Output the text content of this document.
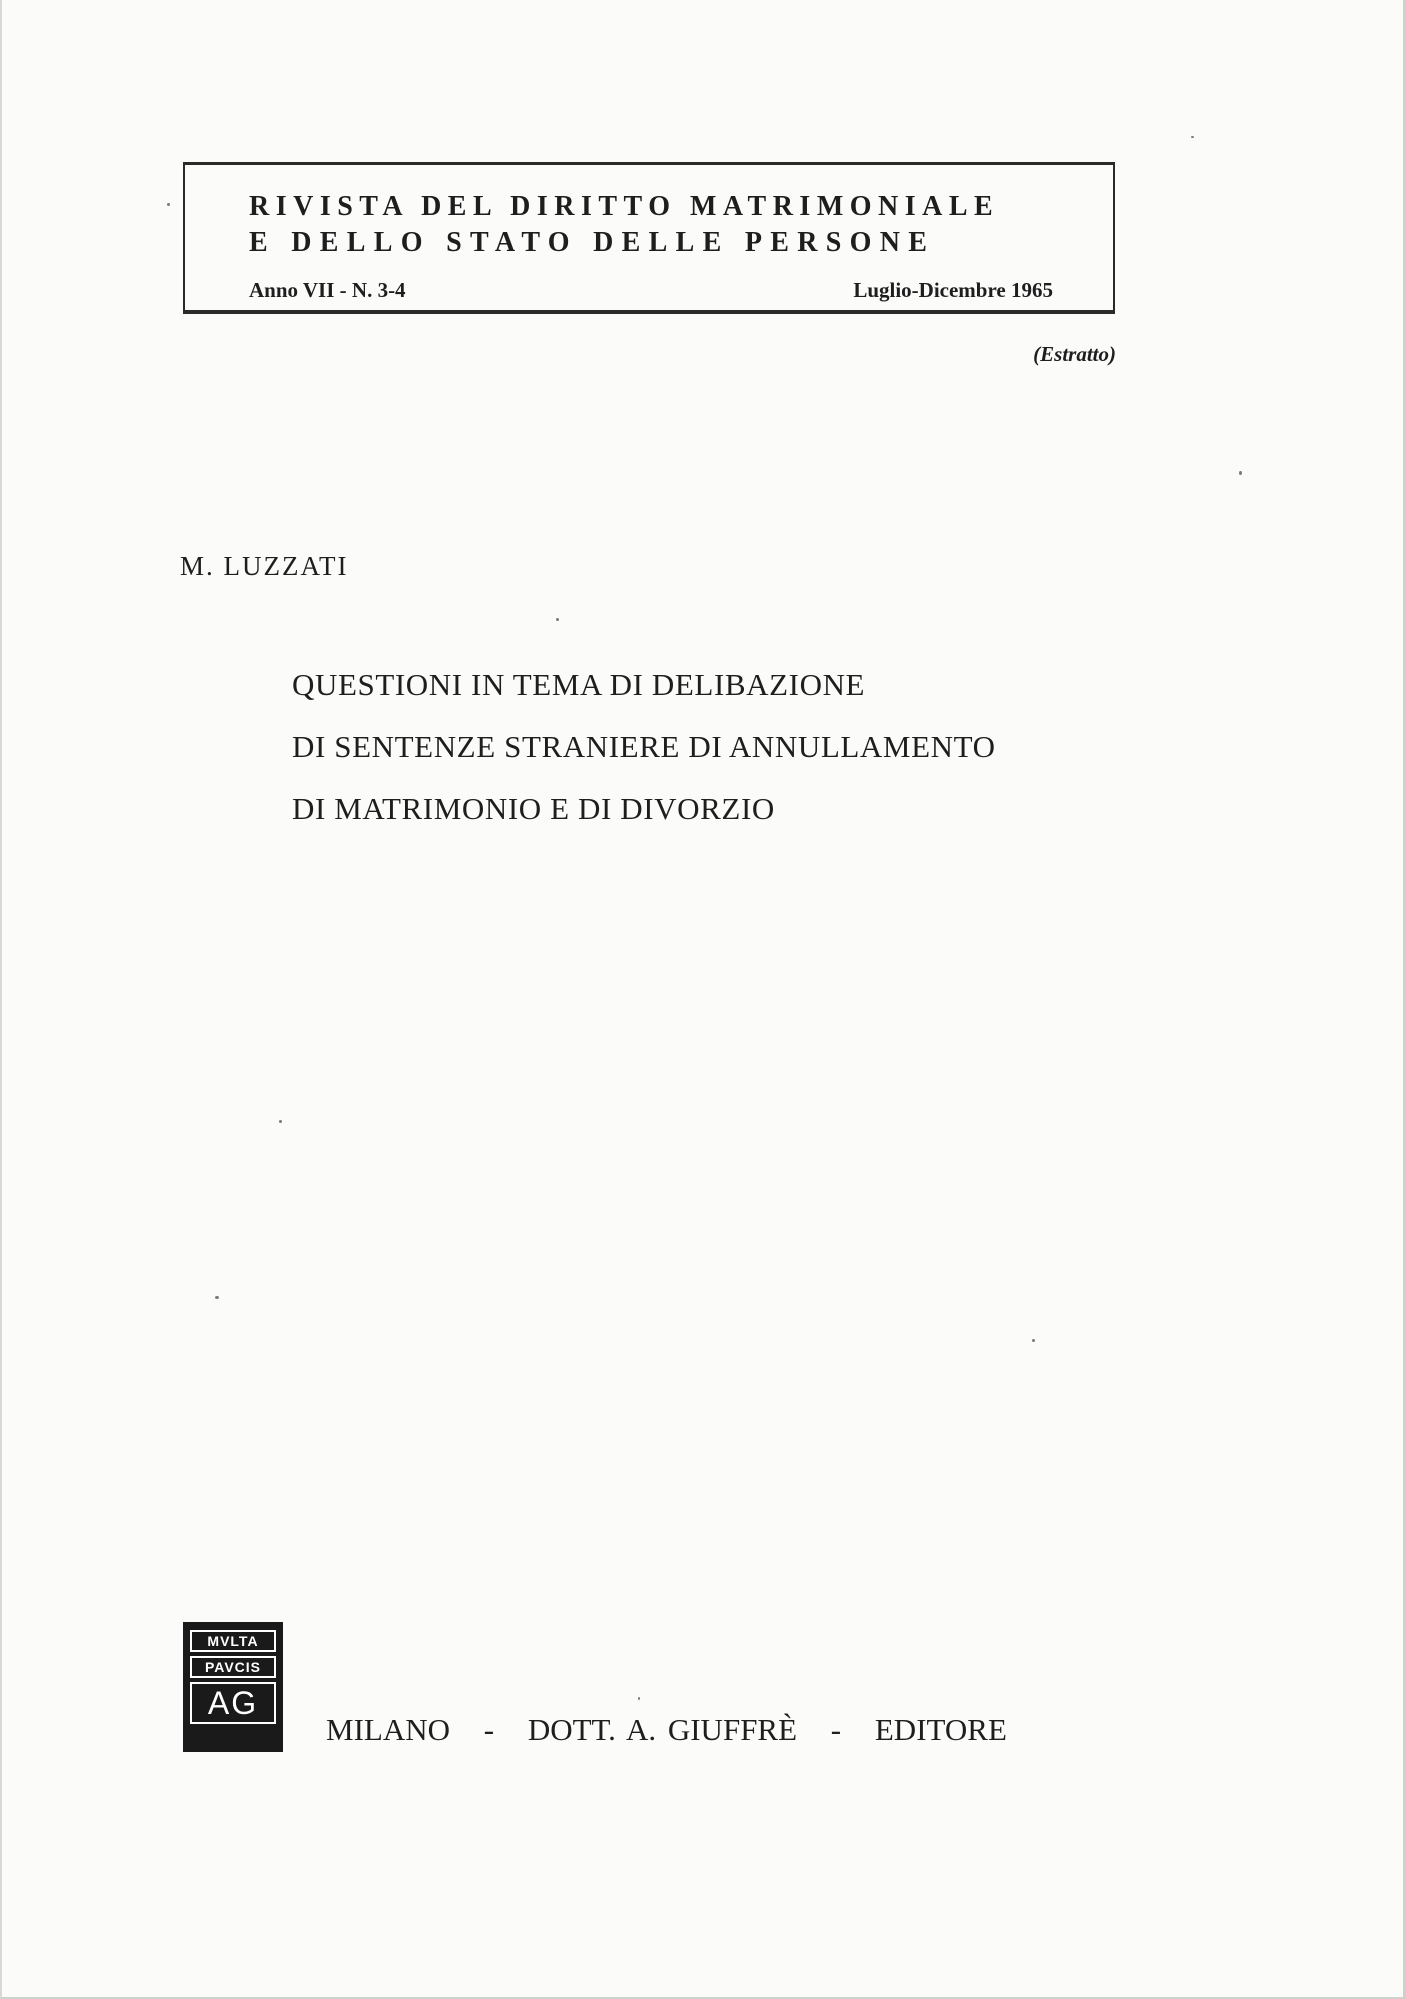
RIVISTA DEL DIRITTO MATRIMONIALE
E DELLO STATO DELLE PERSONE
Anno VII - N. 3-4	Luglio-Dicembre 1965
(Estratto)
M. LUZZATI
QUESTIONI IN TEMA DI DELIBAZIONE
DI SENTENZE STRANIERE DI ANNULLAMENTO
DI MATRIMONIO E DI DIVORZIO
MVLTA
PAVCIS
AG
MILANO - DOTT. A. GIUFFRÈ - EDITORE
